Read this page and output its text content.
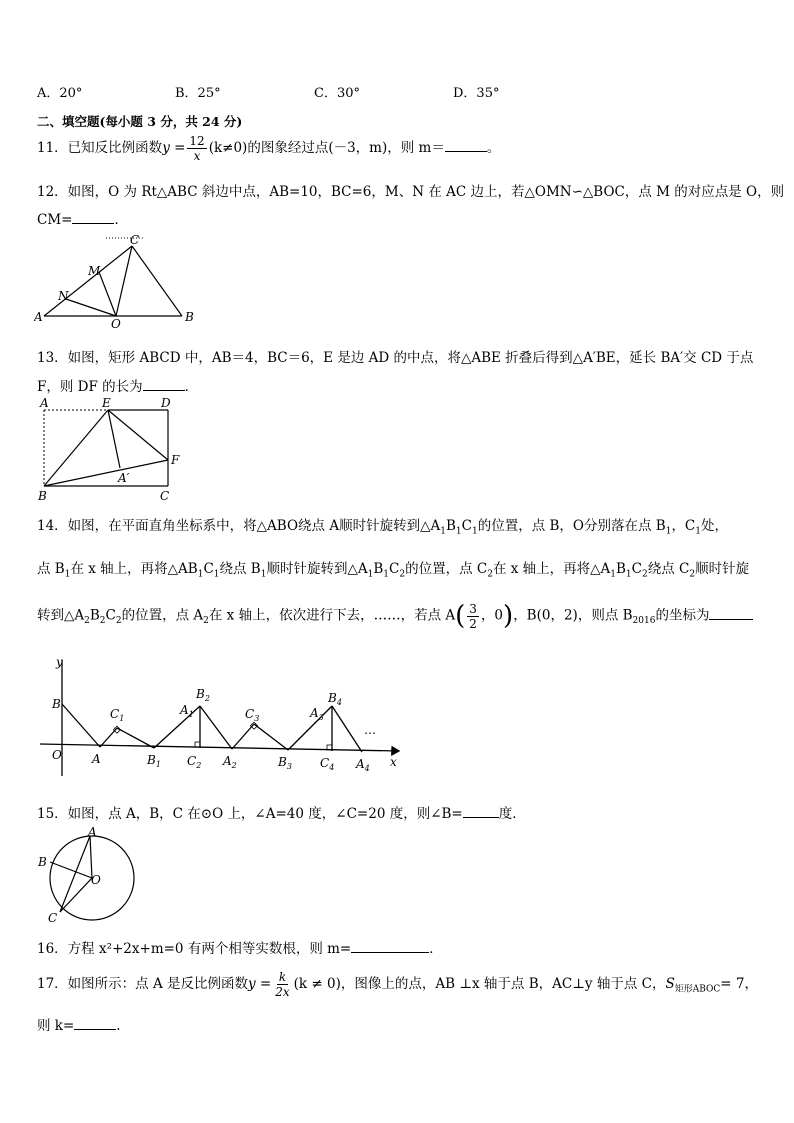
A．20°	B．25°	C．30°	D．35°
二、填空题(每小题 3 分，共 24 分)
11．已知反比例函数$y = \frac{12}{x} (k\ne 0)$的图象经过点(－3，m)，则 m＝	。
12．如图，O 为 Rt△ABC 斜边中点，AB=10，BC=6，M、N 在 AC 边上，若△OMN∽△BOC，点 M 的对应点是 O，则
CM=	．
A	B
C
M
N
O
13．如图，矩形 ABCD 中，AB＝4，BC＝6，E 是边 AD 的中点，将△ABE 折叠后得到△A′BE，延长 BA′交 CD 于点
F，则 DF 的长为	．
A	E	D
F
A′
B	C
14．如图，在平面直角坐标系中，将△ABO绕点 A顺时针旋转到$\triangle A_1B_1C_1$的位置，点 B，O分别落在点 $B_1$，$C_1$处，
点 $B_1$在 x 轴上，再将$\triangle AB_1C_1$绕点 $B_1$顺时针旋转到$\triangle A_1B_1C_2$的位置，点 $C_2$在 x 轴上，再将$\triangle A_1B_1C_2$绕点 $C_2$顺时针旋
转到$\triangle A_2B_2C_2$的位置，点 $A_2$在 x 轴上，依次进行下去，……，若点 $A( \frac{3}{2}$ ，0)，B(0，2)，则点 $B_{2016}$的坐标为
y
x
O
B
A
$C_1$
$B_1$
$A_1$
$B_2$
$C_2$ $A_2$
$C_3$
$B_3$
$A_3$
$B_4$
$C_4$ $A_4$
…
15．如图，点 A，B，C 在⊙O 上，∠A=40 度，∠C=20 度，则∠B=	度．
A
B
C
O
16．方程 x²+2x+m=0 有两个相等实数根，则 m=	．
17．如图所示：点 A 是反比例函数$y = \frac{k}{2x} (k \ne 0)$，图像上的点，AB ⊥x 轴于点 B，AC⊥y 轴于点 C，$S_{矩形ABOC}= 7$，
则 k=	.
